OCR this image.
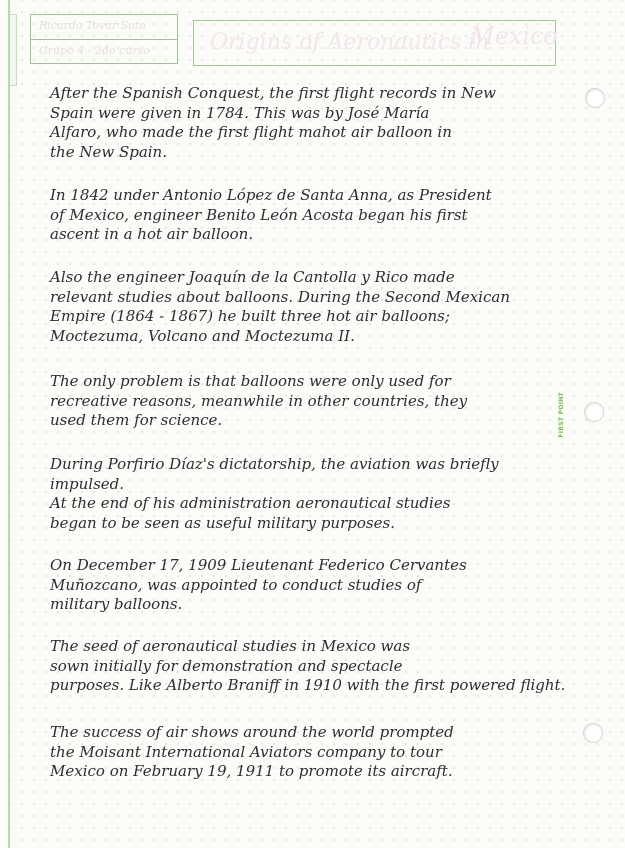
Ricardo Tovar Soto
Grupo 4 - 2do curso	Origins of Aeronautics in
Mexico
FIRST POINT

After the Spanish Conquest, the first flight records in New
Spain were given in 1784. This was by José María
Alfaro, who made the first flight mahot air balloon in
the New Spain.

In 1842 under Antonio López de Santa Anna, as President
of Mexico, engineer Benito León Acosta began his first
ascent in a hot air balloon.

Also the engineer Joaquín de la Cantolla y Rico made
relevant studies about balloons. During the Second Mexican
Empire (1864 - 1867) he built three hot air balloons;
Moctezuma, Volcano and Moctezuma II.

The only problem is that balloons were only used for
recreative reasons, meanwhile in other countries, they
used them for science.

During Porfirio Díaz's dictatorship, the aviation was briefly
impulsed.
At the end of his administration aeronautical studies
began to be seen as useful military purposes.

On December 17, 1909 Lieutenant Federico Cervantes
Muñozcano, was appointed to conduct studies of
military balloons.

The seed of aeronautical studies in Mexico was
sown initially for demonstration and spectacle
purposes. Like Alberto Braniff in 1910 with the first powered flight.

The success of air shows around the world prompted
the Moisant International Aviators company to tour
Mexico on February 19, 1911 to promote its aircraft.
